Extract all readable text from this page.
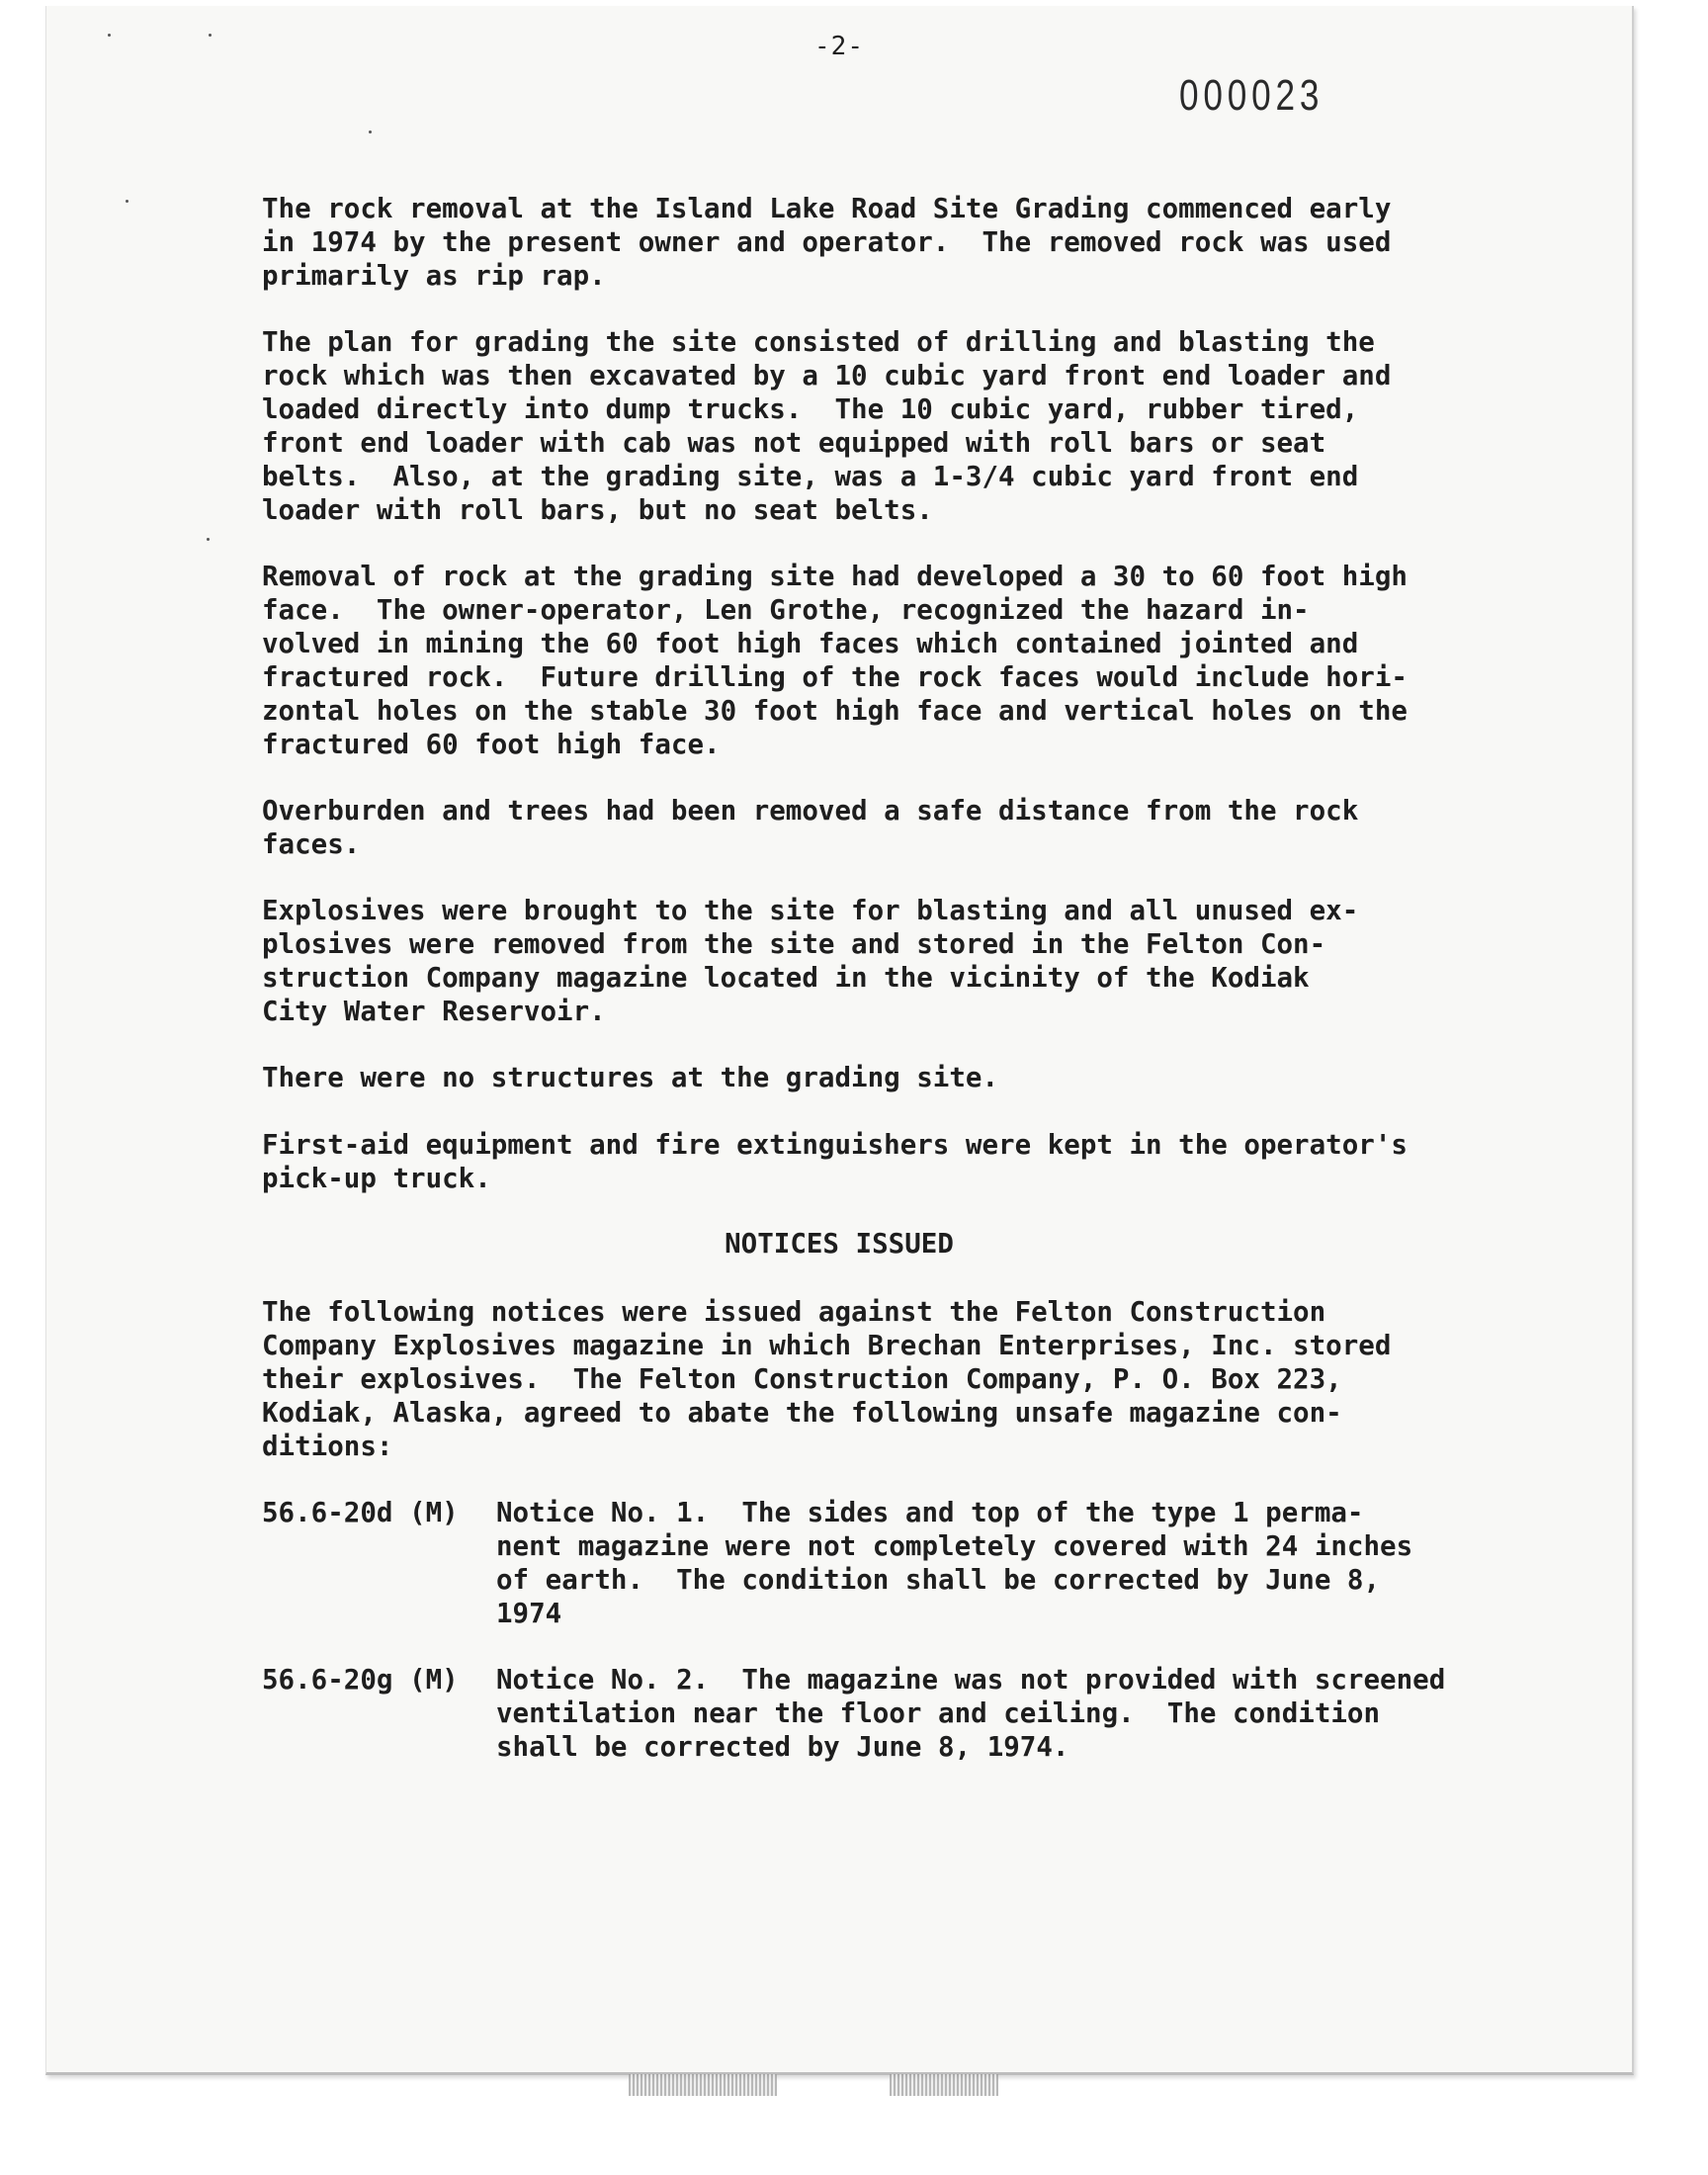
-2-
000023
The rock removal at the Island Lake Road Site Grading commenced early
in 1974 by the present owner and operator.  The removed rock was used
primarily as rip rap.
The plan for grading the site consisted of drilling and blasting the
rock which was then excavated by a 10 cubic yard front end loader and
loaded directly into dump trucks.  The 10 cubic yard, rubber tired,
front end loader with cab was not equipped with roll bars or seat
belts.  Also, at the grading site, was a 1-3/4 cubic yard front end
loader with roll bars, but no seat belts.
Removal of rock at the grading site had developed a 30 to 60 foot high
face.  The owner-operator, Len Grothe, recognized the hazard in-
volved in mining the 60 foot high faces which contained jointed and
fractured rock.  Future drilling of the rock faces would include hori-
zontal holes on the stable 30 foot high face and vertical holes on the
fractured 60 foot high face.
Overburden and trees had been removed a safe distance from the rock
faces.
Explosives were brought to the site for blasting and all unused ex-
plosives were removed from the site and stored in the Felton Con-
struction Company magazine located in the vicinity of the Kodiak
City Water Reservoir.
There were no structures at the grading site.
First-aid equipment and fire extinguishers were kept in the operator's
pick-up truck.
NOTICES ISSUED
The following notices were issued against the Felton Construction
Company Explosives magazine in which Brechan Enterprises, Inc. stored
their explosives.  The Felton Construction Company, P. O. Box 223,
Kodiak, Alaska, agreed to abate the following unsafe magazine con-
ditions:
56.6-20d (M) Notice No. 1.  The sides and top of the type 1 perma-
nent magazine were not completely covered with 24 inches
of earth.  The condition shall be corrected by June 8,
1974
56.6-20g (M) Notice No. 2.  The magazine was not provided with screened
ventilation near the floor and ceiling.  The condition
shall be corrected by June 8, 1974.
